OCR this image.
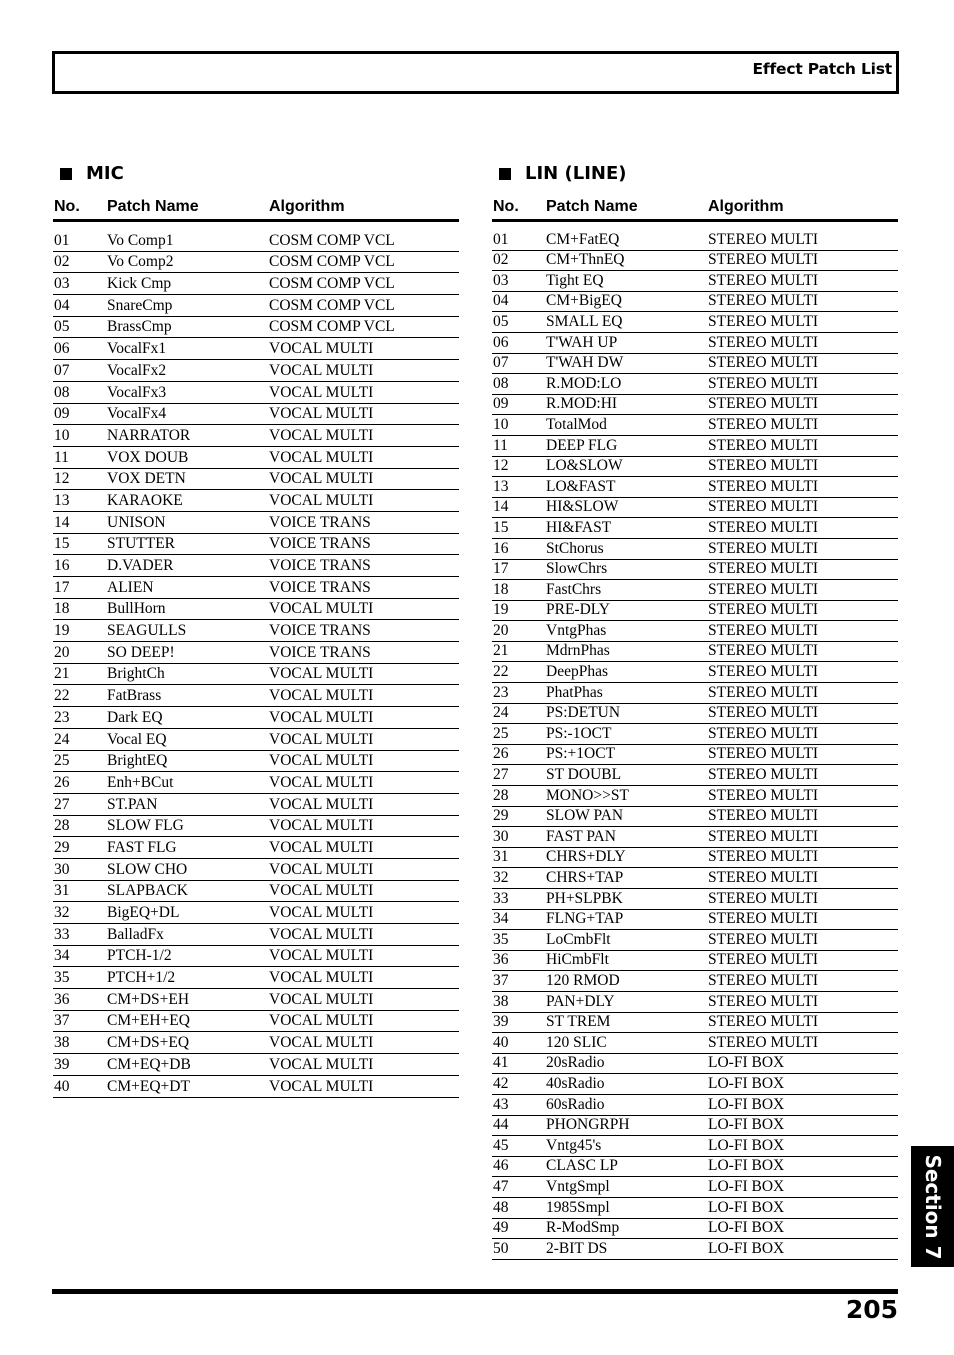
Effect Patch List
MIC	LIN (LINE)
No. Patch Name	Algorithm
01 Vo Comp1	COSM COMP VCL
02 Vo Comp2	COSM COMP VCL
03 Kick Cmp	COSM COMP VCL
04 SnareCmp	COSM COMP VCL
05 BrassCmp	COSM COMP VCL
06 VocalFx1	VOCAL MULTI
07 VocalFx2	VOCAL MULTI
08 VocalFx3	VOCAL MULTI
09 VocalFx4	VOCAL MULTI
10 NARRATOR	VOCAL MULTI
11 VOX DOUB	VOCAL MULTI
12 VOX DETN	VOCAL MULTI
13 KARAOKE	VOCAL MULTI
14 UNISON	VOICE TRANS
15 STUTTER	VOICE TRANS
16 D.VADER	VOICE TRANS
17 ALIEN	VOICE TRANS
18 BullHorn	VOCAL MULTI
19 SEAGULLS	VOICE TRANS
20 SO DEEP!	VOICE TRANS
21 BrightCh	VOCAL MULTI
22 FatBrass	VOCAL MULTI
23 Dark EQ	VOCAL MULTI
24 Vocal EQ	VOCAL MULTI
25 BrightEQ	VOCAL MULTI
26 Enh+BCut	VOCAL MULTI
27 ST.PAN	VOCAL MULTI
28 SLOW FLG	VOCAL MULTI
29 FAST FLG	VOCAL MULTI
30 SLOW CHO	VOCAL MULTI
31 SLAPBACK	VOCAL MULTI
32 BigEQ+DL	VOCAL MULTI
33 BalladFx	VOCAL MULTI
34 PTCH-1/2	VOCAL MULTI
35 PTCH+1/2	VOCAL MULTI
36 CM+DS+EH	VOCAL MULTI
37 CM+EH+EQ	VOCAL MULTI
38 CM+DS+EQ	VOCAL MULTI
39 CM+EQ+DB	VOCAL MULTI
40 CM+EQ+DT	VOCAL MULTI
No. Patch Name	Algorithm
01 CM+FatEQ	STEREO MULTI
02 CM+ThnEQ	STEREO MULTI
03 Tight EQ	STEREO MULTI
04 CM+BigEQ	STEREO MULTI
05 SMALL EQ	STEREO MULTI
06 T'WAH UP	STEREO MULTI
07 T'WAH DW	STEREO MULTI
08 R.MOD:LO	STEREO MULTI
09 R.MOD:HI	STEREO MULTI
10 TotalMod	STEREO MULTI
11 DEEP FLG	STEREO MULTI
12 LO&SLOW	STEREO MULTI
13 LO&FAST	STEREO MULTI
14 HI&SLOW	STEREO MULTI
15 HI&FAST	STEREO MULTI
16 StChorus	STEREO MULTI
17 SlowChrs	STEREO MULTI
18 FastChrs	STEREO MULTI
19 PRE-DLY	STEREO MULTI
20 VntgPhas	STEREO MULTI
21 MdrnPhas	STEREO MULTI
22 DeepPhas	STEREO MULTI
23 PhatPhas	STEREO MULTI
24 PS:DETUN	STEREO MULTI
25 PS:-1OCT	STEREO MULTI
26 PS:+1OCT	STEREO MULTI
27 ST DOUBL	STEREO MULTI
28 MONO>>ST	STEREO MULTI
29 SLOW PAN	STEREO MULTI
30 FAST PAN	STEREO MULTI
31 CHRS+DLY	STEREO MULTI
32 CHRS+TAP	STEREO MULTI
33 PH+SLPBK	STEREO MULTI
34 FLNG+TAP	STEREO MULTI
35 LoCmbFlt	STEREO MULTI
36 HiCmbFlt	STEREO MULTI
37 120 RMOD	STEREO MULTI
38 PAN+DLY	STEREO MULTI
39 ST TREM	STEREO MULTI
40 120 SLIC	STEREO MULTI
41 20sRadio	LO-FI BOX
42 40sRadio	LO-FI BOX
43 60sRadio	LO-FI BOX
44 PHONGRPH	LO-FI BOX
45 Vntg45's	LO-FI BOX
46 CLASC LP	LO-FI BOX
47 VntgSmpl	LO-FI BOX
48 1985Smpl	LO-FI BOX
49 R-ModSmp	LO-FI BOX
50 2-BIT DS	LO-FI BOX
205
Section 7
